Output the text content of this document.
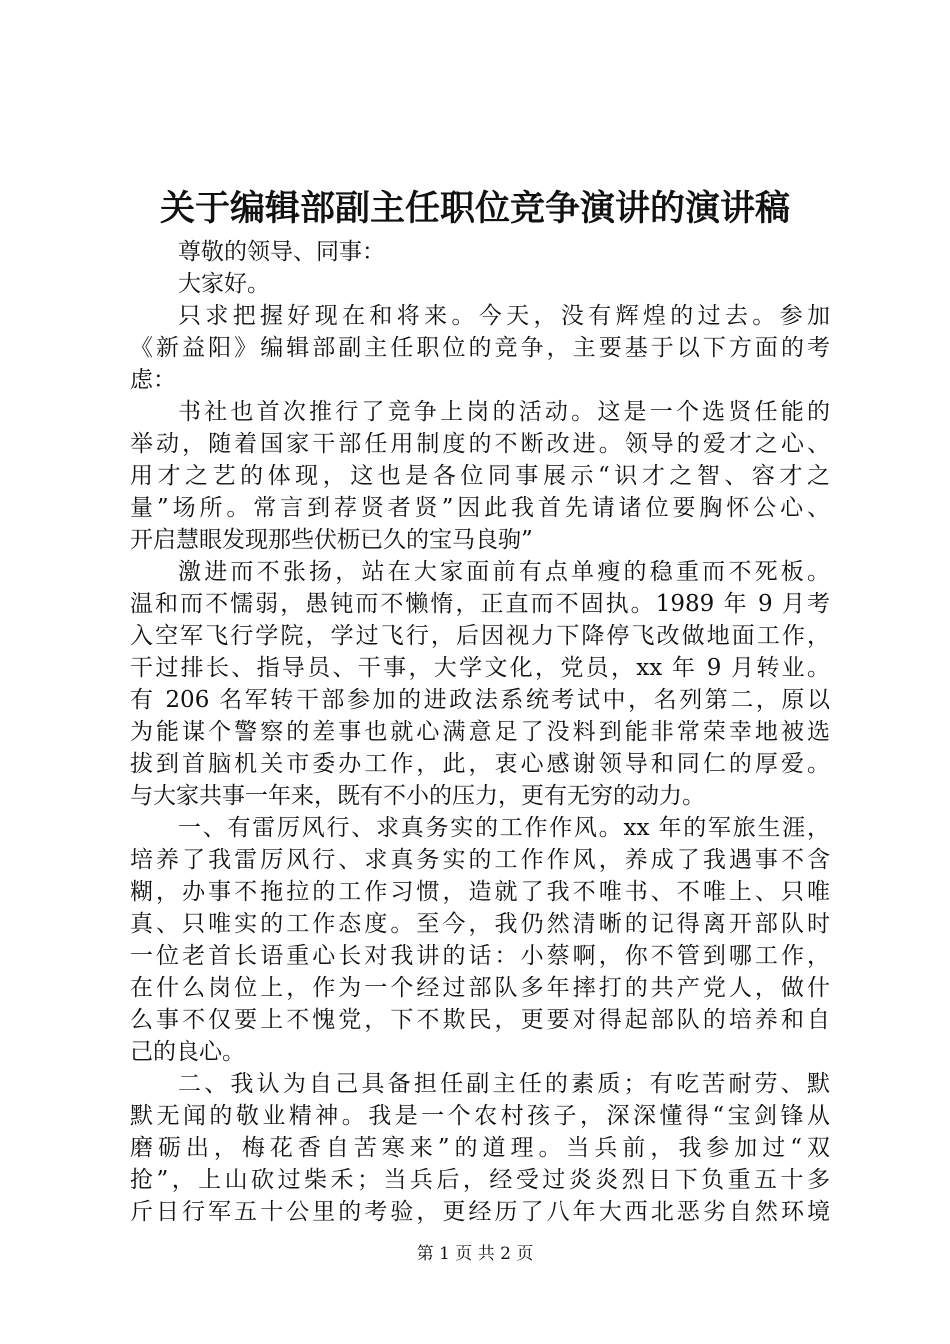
关于编辑部副主任职位竞争演讲的演讲稿
尊敬的领导、同事：
大家好。
只求把握好现在和将来。今天，没有辉煌的过去。参加
《新益阳》编辑部副主任职位的竞争，主要基于以下方面的考
虑：
书社也首次推行了竞争上岗的活动。这是一个选贤任能的
举动，随着国家干部任用制度的不断改进。领导的爱才之心、
用才之艺的体现，这也是各位同事展示“识才之智、容才之
量”场所。常言到荐贤者贤”因此我首先请诸位要胸怀公心、
开启慧眼发现那些伏枥已久的宝马良驹”
激进而不张扬，站在大家面前有点单瘦的稳重而不死板。
温和而不懦弱，愚钝而不懒惰，正直而不固执。1989 年 9 月考
入空军飞行学院，学过飞行，后因视力下降停飞改做地面工作，
干过排长、指导员、干事，大学文化，党员，xx 年 9 月转业。
有 206 名军转干部参加的进政法系统考试中，名列第二，原以
为能谋个警察的差事也就心满意足了没料到能非常荣幸地被选
拔到首脑机关市委办工作，此，衷心感谢领导和同仁的厚爱。
与大家共事一年来，既有不小的压力，更有无穷的动力。
一、有雷厉风行、求真务实的工作作风。xx 年的军旅生涯，
培养了我雷厉风行、求真务实的工作作风，养成了我遇事不含
糊，办事不拖拉的工作习惯，造就了我不唯书、不唯上、只唯
真、只唯实的工作态度。至今，我仍然清晰的记得离开部队时
一位老首长语重心长对我讲的话：小蔡啊，你不管到哪工作，
在什么岗位上，作为一个经过部队多年摔打的共产党人，做什
么事不仅要上不愧党，下不欺民，更要对得起部队的培养和自
己的良心。
二、我认为自己具备担任副主任的素质；有吃苦耐劳、默
默无闻的敬业精神。我是一个农村孩子，深深懂得“宝剑锋从
磨砺出，梅花香自苦寒来”的道理。当兵前，我参加过“双
抢”，上山砍过柴禾；当兵后，经受过炎炎烈日下负重五十多
斤日行军五十公里的考验，更经历了八年大西北恶劣自然环境
第 1 页 共 2 页
